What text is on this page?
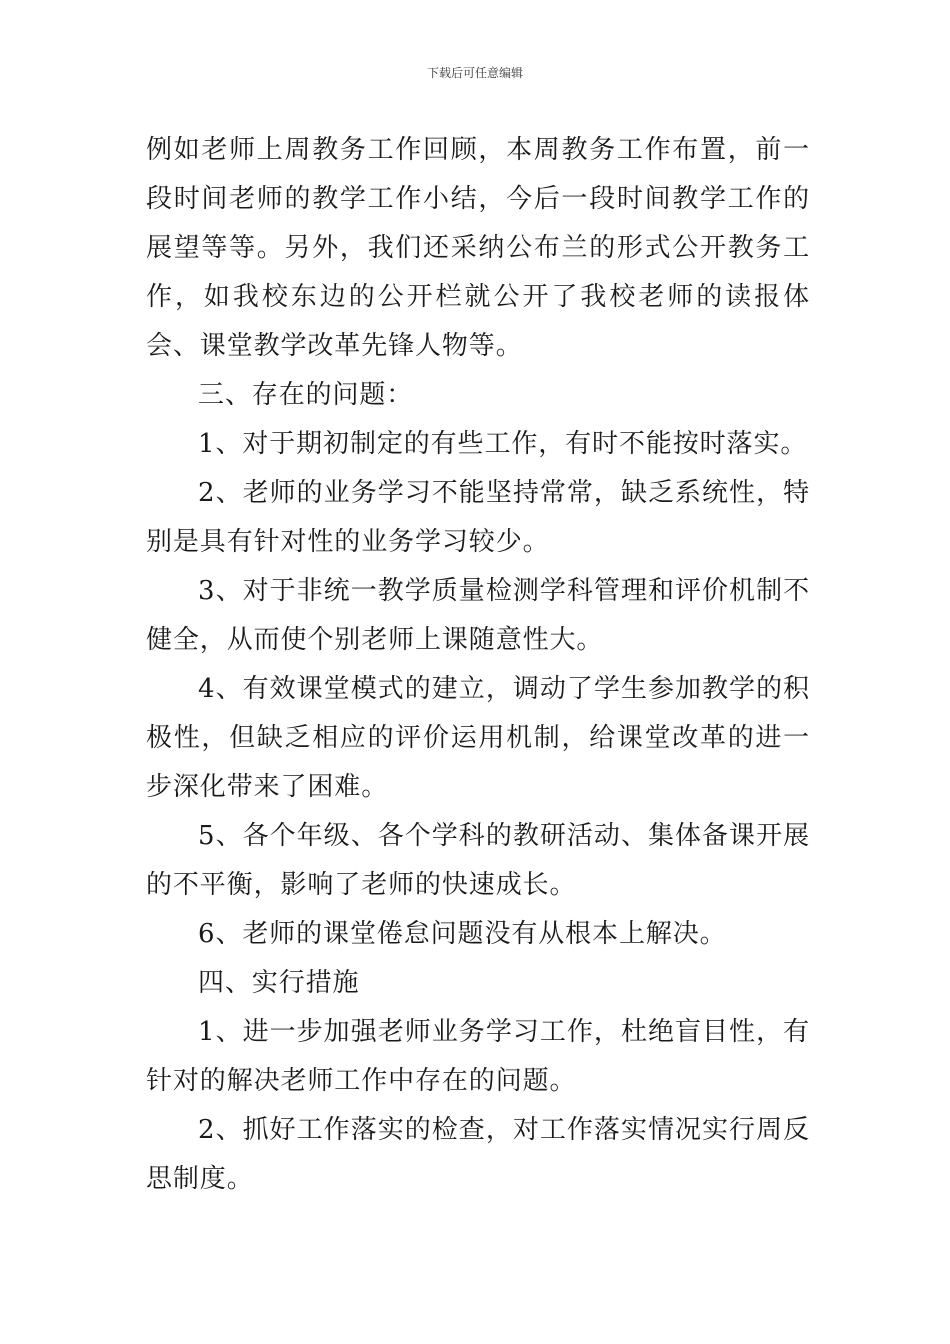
下载后可任意编辑

例如老师上周教务工作回顾，本周教务工作布置，前一段时间老师的教学工作小结，今后一段时间教学工作的展望等等。另外，我们还采纳公布兰的形式公开教务工作，如我校东边的公开栏就公开了我校老师的读报体会、课堂教学改革先锋人物等。

三、存在的问题：

1、对于期初制定的有些工作，有时不能按时落实。

2、老师的业务学习不能坚持常常，缺乏系统性，特别是具有针对性的业务学习较少。

3、对于非统一教学质量检测学科管理和评价机制不健全，从而使个别老师上课随意性大。

4、有效课堂模式的建立，调动了学生参加教学的积极性，但缺乏相应的评价运用机制，给课堂改革的进一步深化带来了困难。

5、各个年级、各个学科的教研活动、集体备课开展的不平衡，影响了老师的快速成长。

6、老师的课堂倦怠问题没有从根本上解决。

四、实行措施

1、进一步加强老师业务学习工作，杜绝盲目性，有针对的解决老师工作中存在的问题。

2、抓好工作落实的检查，对工作落实情况实行周反思制度。
